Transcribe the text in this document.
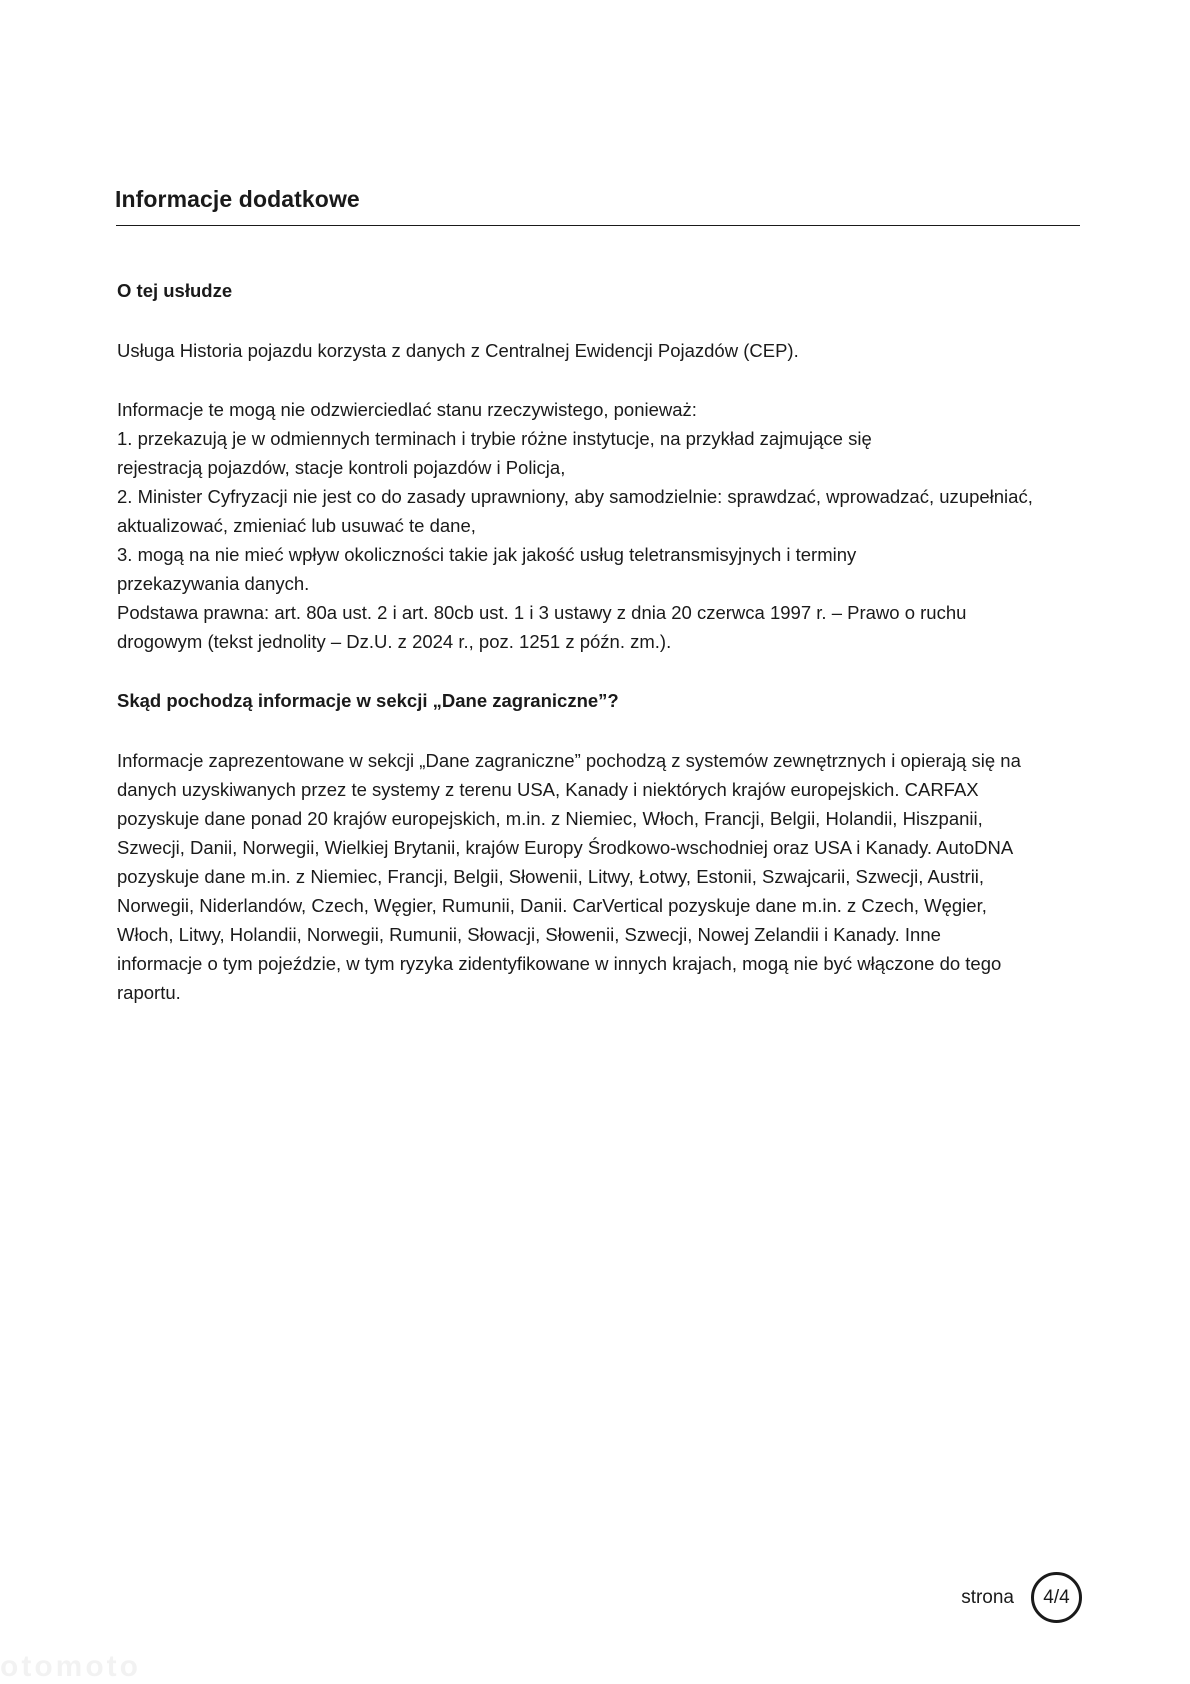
Informacje dodatkowe
O tej usłudze
Usługa Historia pojazdu korzysta z danych z Centralnej Ewidencji Pojazdów (CEP).
Informacje te mogą nie odzwierciedlać stanu rzeczywistego, ponieważ:
1. przekazują je w odmiennych terminach i trybie różne instytucje, na przykład zajmujące się
rejestracją pojazdów, stacje kontroli pojazdów i Policja,
2. Minister Cyfryzacji nie jest co do zasady uprawniony, aby samodzielnie: sprawdzać, wprowadzać, uzupełniać,
aktualizować, zmieniać lub usuwać te dane,
3. mogą na nie mieć wpływ okoliczności takie jak jakość usług teletransmisyjnych i terminy
przekazywania danych.
Podstawa prawna: art. 80a ust. 2 i art. 80cb ust. 1 i 3 ustawy z dnia 20 czerwca 1997 r. – Prawo o ruchu
drogowym (tekst jednolity – Dz.U. z 2024 r., poz. 1251 z późn. zm.).
Skąd pochodzą informacje w sekcji „Dane zagraniczne”?
Informacje zaprezentowane w sekcji „Dane zagraniczne” pochodzą z systemów zewnętrznych i opierają się na
danych uzyskiwanych przez te systemy z terenu USA, Kanady i niektórych krajów europejskich. CARFAX
pozyskuje dane ponad 20 krajów europejskich, m.in. z Niemiec, Włoch, Francji, Belgii, Holandii, Hiszpanii,
Szwecji, Danii, Norwegii, Wielkiej Brytanii, krajów Europy Środkowo-wschodniej oraz USA i Kanady. AutoDNA
pozyskuje dane m.in. z Niemiec, Francji, Belgii, Słowenii, Litwy, Łotwy, Estonii, Szwajcarii, Szwecji, Austrii,
Norwegii, Niderlandów, Czech, Węgier, Rumunii, Danii. CarVertical pozyskuje dane m.in. z Czech, Węgier,
Włoch, Litwy, Holandii, Norwegii, Rumunii, Słowacji, Słowenii, Szwecji, Nowej Zelandii i Kanady. Inne
informacje o tym pojeździe, w tym ryzyka zidentyfikowane w innych krajach, mogą nie być włączone do tego
raportu.
strona 4/4
otomoto
